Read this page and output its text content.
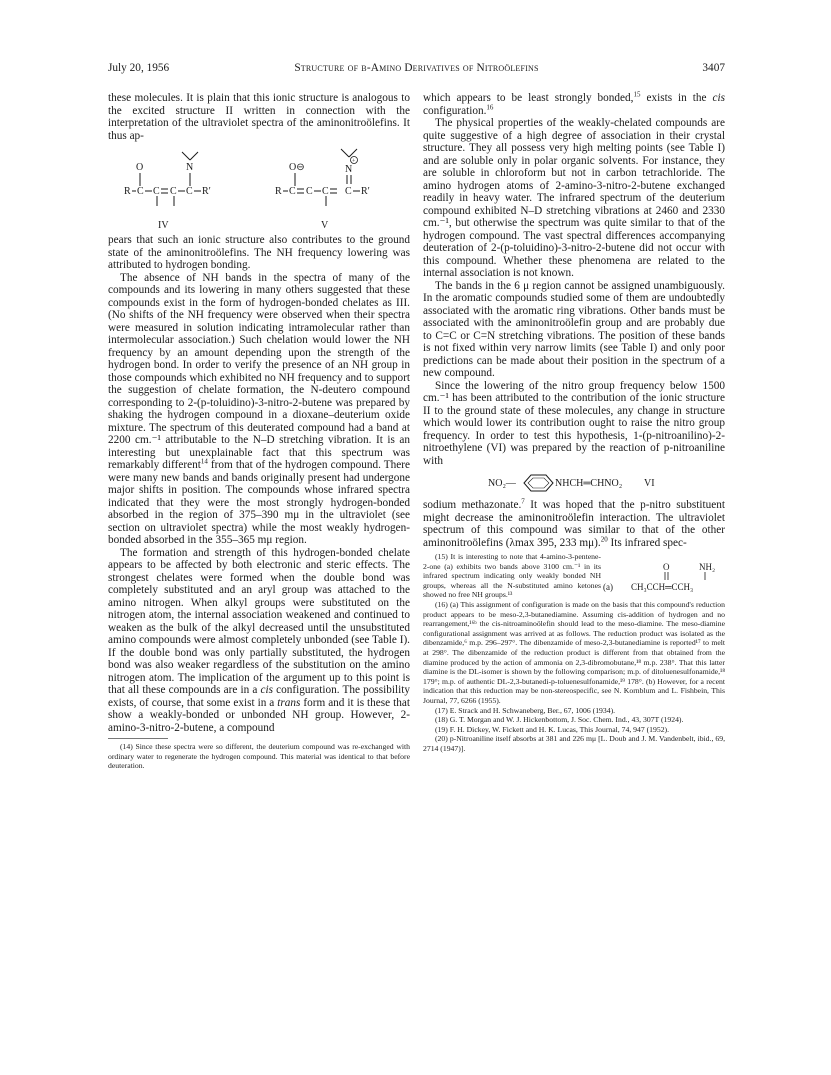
July 20, 1956	Structure of β-Amino Derivatives of Nitroölefins	3407

these molecules. It is plain that this ionic structure is analogous to the excited structure II written in connection with the interpretation of the ultraviolet spectra of the aminonitroölefins. It thus ap-

O	N
R C C C C R′
IV
+
O⊖	N
R C C C C R′
V

pears that such an ionic structure also contributes to the ground state of the aminonitroölefins. The NH frequency lowering was attributed to hydrogen bonding.

The absence of NH bands in the spectra of many of the compounds and its lowering in many others suggested that these compounds exist in the form of hydrogen-bonded chelates as III. (No shifts of the NH frequency were observed when their spectra were measured in solution indicating intramolecular rather than intermolecular association.) Such chelation would lower the NH frequency by an amount depending upon the strength of the hydrogen bond. In order to verify the presence of an NH group in those compounds which exhibited no NH frequency and to support the suggestion of chelate formation, the N-deutero compound corresponding to 2-(p-toluidino)-3-nitro-2-butene was prepared by shaking the hydrogen compound in a dioxane–deuterium oxide mixture. The spectrum of this deuterated compound had a band at 2200 cm.⁻¹ attributable to the N–D stretching vibration. It is an interesting but unexplainable fact that this spectrum was remarkably different$^{14}$ from that of the hydrogen compound. There were many new bands and bands originally present had undergone major shifts in position. The compounds whose infrared spectra indicated that they were the most strongly hydrogen-bonded absorbed in the region of 375–390 mμ in the ultraviolet (see section on ultraviolet spectra) while the most weakly hydrogen-bonded absorbed in the 355–365 mμ region.

The formation and strength of this hydrogen-bonded chelate appears to be affected by both electronic and steric effects. The strongest chelates were formed when the double bond was completely substituted and an aryl group was attached to the amino nitrogen. When alkyl groups were substituted on the nitrogen atom, the internal association weakened and continued to weaken as the bulk of the alkyl decreased until the unsubstituted amino compounds were almost completely unbonded (see Table I). If the double bond was only partially substituted, the hydrogen bond was also weaker regardless of the substitution on the amino nitrogen atom. The implication of the argument up to this point is that all these compounds are in a cis configuration. The possibility exists, of course, that some exist in a trans form and it is these that show a weakly-bonded or unbonded NH group. However, 2-amino-3-nitro-2-butene, a compound

(14) Since these spectra were so different, the deuterium compound was re-exchanged with ordinary water to regenerate the hydrogen compound. This material was identical to that before deuteration.

which appears to be least strongly bonded,$^{15}$ exists in the cis configuration.$^{16}$

The physical properties of the weakly-chelated compounds are quite suggestive of a high degree of association in their crystal structure. They all possess very high melting points (see Table I) and are soluble only in polar organic solvents. For instance, they are soluble in chloroform but not in carbon tetrachloride. The amino hydrogen atoms of 2-amino-3-nitro-2-butene exchanged readily in heavy water. The infrared spectrum of the deuterium compound exhibited N–D stretching vibrations at 2460 and 2330 cm.⁻¹, but otherwise the spectrum was quite similar to that of the hydrogen compound. The vast spectral differences accompanying deuteration of 2-(p-toluidino)-3-nitro-2-butene did not occur with this compound. Whether these phenomena are related to the internal association is not known.

The bands in the 6 μ region cannot be assigned unambiguously. In the aromatic compounds studied some of them are undoubtedly associated with the aromatic ring vibrations. Other bands must be associated with the aminonitroölefin group and are probably due to C=C or C=N stretching vibrations. The position of these bands is not fixed within very narrow limits (see Table I) and only poor predictions can be made about their position in the spectrum of a new compound.

Since the lowering of the nitro group frequency below 1500 cm.⁻¹ has been attributed to the contribution of the ionic structure II to the ground state of these molecules, any change in structure which would lower its contribution ought to raise the nitro group frequency. In order to test this hypothesis, 1-(p-nitroanilino)-2-nitroethylene (VI) was prepared by the reaction of p-nitroaniline with

NO₂—	NHCH═CHNO₂ VI

sodium methazonate.$^7$ It was hoped that the p-nitro substituent might decrease the aminonitroölefin interaction. The ultraviolet spectrum of this compound was similar to that of the other aminonitroölefins (λmax 395, 233 mμ).$^{20}$ Its infrared spec-

(15) It is interesting to note that 4-amino-3-pentene-2-one (a) exhibits two bands above 3100 cm.⁻¹ in its infrared spectrum indicating only weakly bonded NH groups, whereas all the N-substituted amino ketones showed no free NH groups.¹³

O	NH₂
(a) CH₃CCH═CCH₃

(16) (a) This assignment of configuration is made on the basis that this compound's reduction product appears to be meso-2,3-butanediamine. Assuming cis-addition of hydrogen and no rearrangement,¹⁶ᵇ the cis-nitroaminoölefin should lead to the meso-diamine. The meso-diamine configurational assignment was arrived at as follows. The reduction product was isolated as the dibenzamide,⁶ m.p. 296–297°. The dibenzamide of meso-2,3-butanediamine is reported¹⁷ to melt at 298°. The dibenzamide of the reduction product is different from that obtained from the diamine produced by the action of ammonia on 2,3-dibromobutane,¹⁸ m.p. 238°. That this latter diamine is the DL-isomer is shown by the following comparison; m.p. of ditoluenesulfonamide,¹⁸ 179°; m.p. of authentic DL-2,3-butanedi-p-toluenesulfonamide,¹⁹ 178°. (b) However, for a recent indication that this reduction may be non-stereospecific, see N. Kornblum and L. Fishbein, This Journal, 77, 6266 (1955).

(17) E. Strack and H. Schwaneberg, Ber., 67, 1006 (1934).

(18) G. T. Morgan and W. J. Hickenbottom, J. Soc. Chem. Ind., 43, 307T (1924).

(19) F. H. Dickey, W. Fickett and H. K. Lucas, This Journal, 74, 947 (1952).

(20) p-Nitroaniline itself absorbs at 381 and 226 mμ [L. Doub and J. M. Vandenbelt, ibid., 69, 2714 (1947)].
